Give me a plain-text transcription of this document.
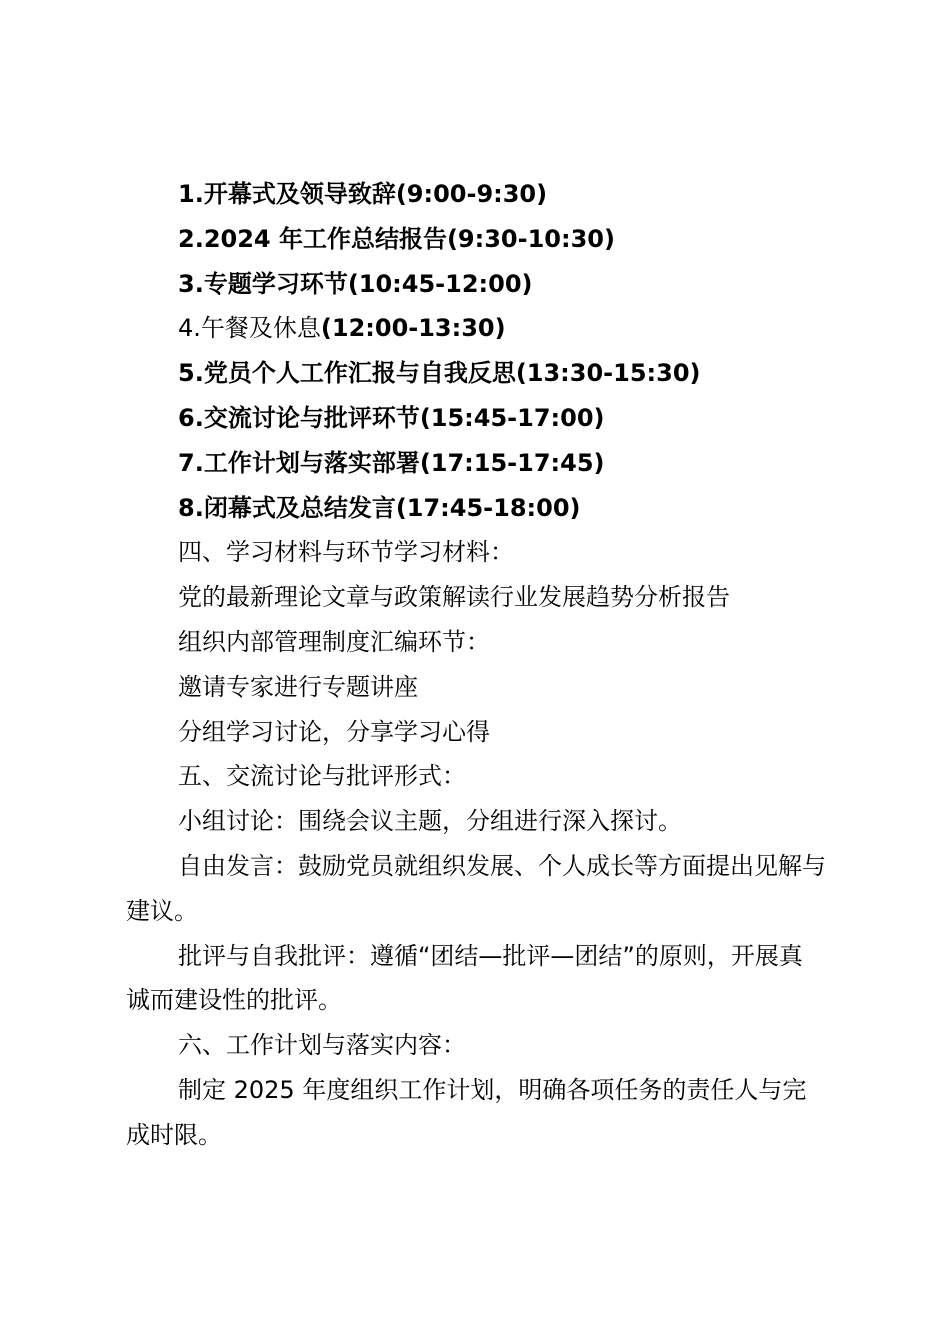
1.开幕式及领导致辞(9:00-9:30)
2.2024 年工作总结报告(9:30-10:30)
3.专题学习环节(10:45-12:00)
4.午餐及休息(12:00-13:30)
5.党员个人工作汇报与自我反思(13:30-15:30)
6.交流讨论与批评环节(15:45-17:00)
7.工作计划与落实部署(17:15-17:45)
8.闭幕式及总结发言(17:45-18:00)
四、学习材料与环节学习材料：
党的最新理论文章与政策解读行业发展趋势分析报告
组织内部管理制度汇编环节：
邀请专家进行专题讲座
分组学习讨论，分享学习心得
五、交流讨论与批评形式：
小组讨论：围绕会议主题，分组进行深入探讨。
自由发言：鼓励党员就组织发展、个人成长等方面提出见解与建议。
批评与自我批评：遵循“团结—批评—团结”的原则，开展真诚而建设性的批评。
六、工作计划与落实内容：
制定 2025 年度组织工作计划，明确各项任务的责任人与完成时限。
